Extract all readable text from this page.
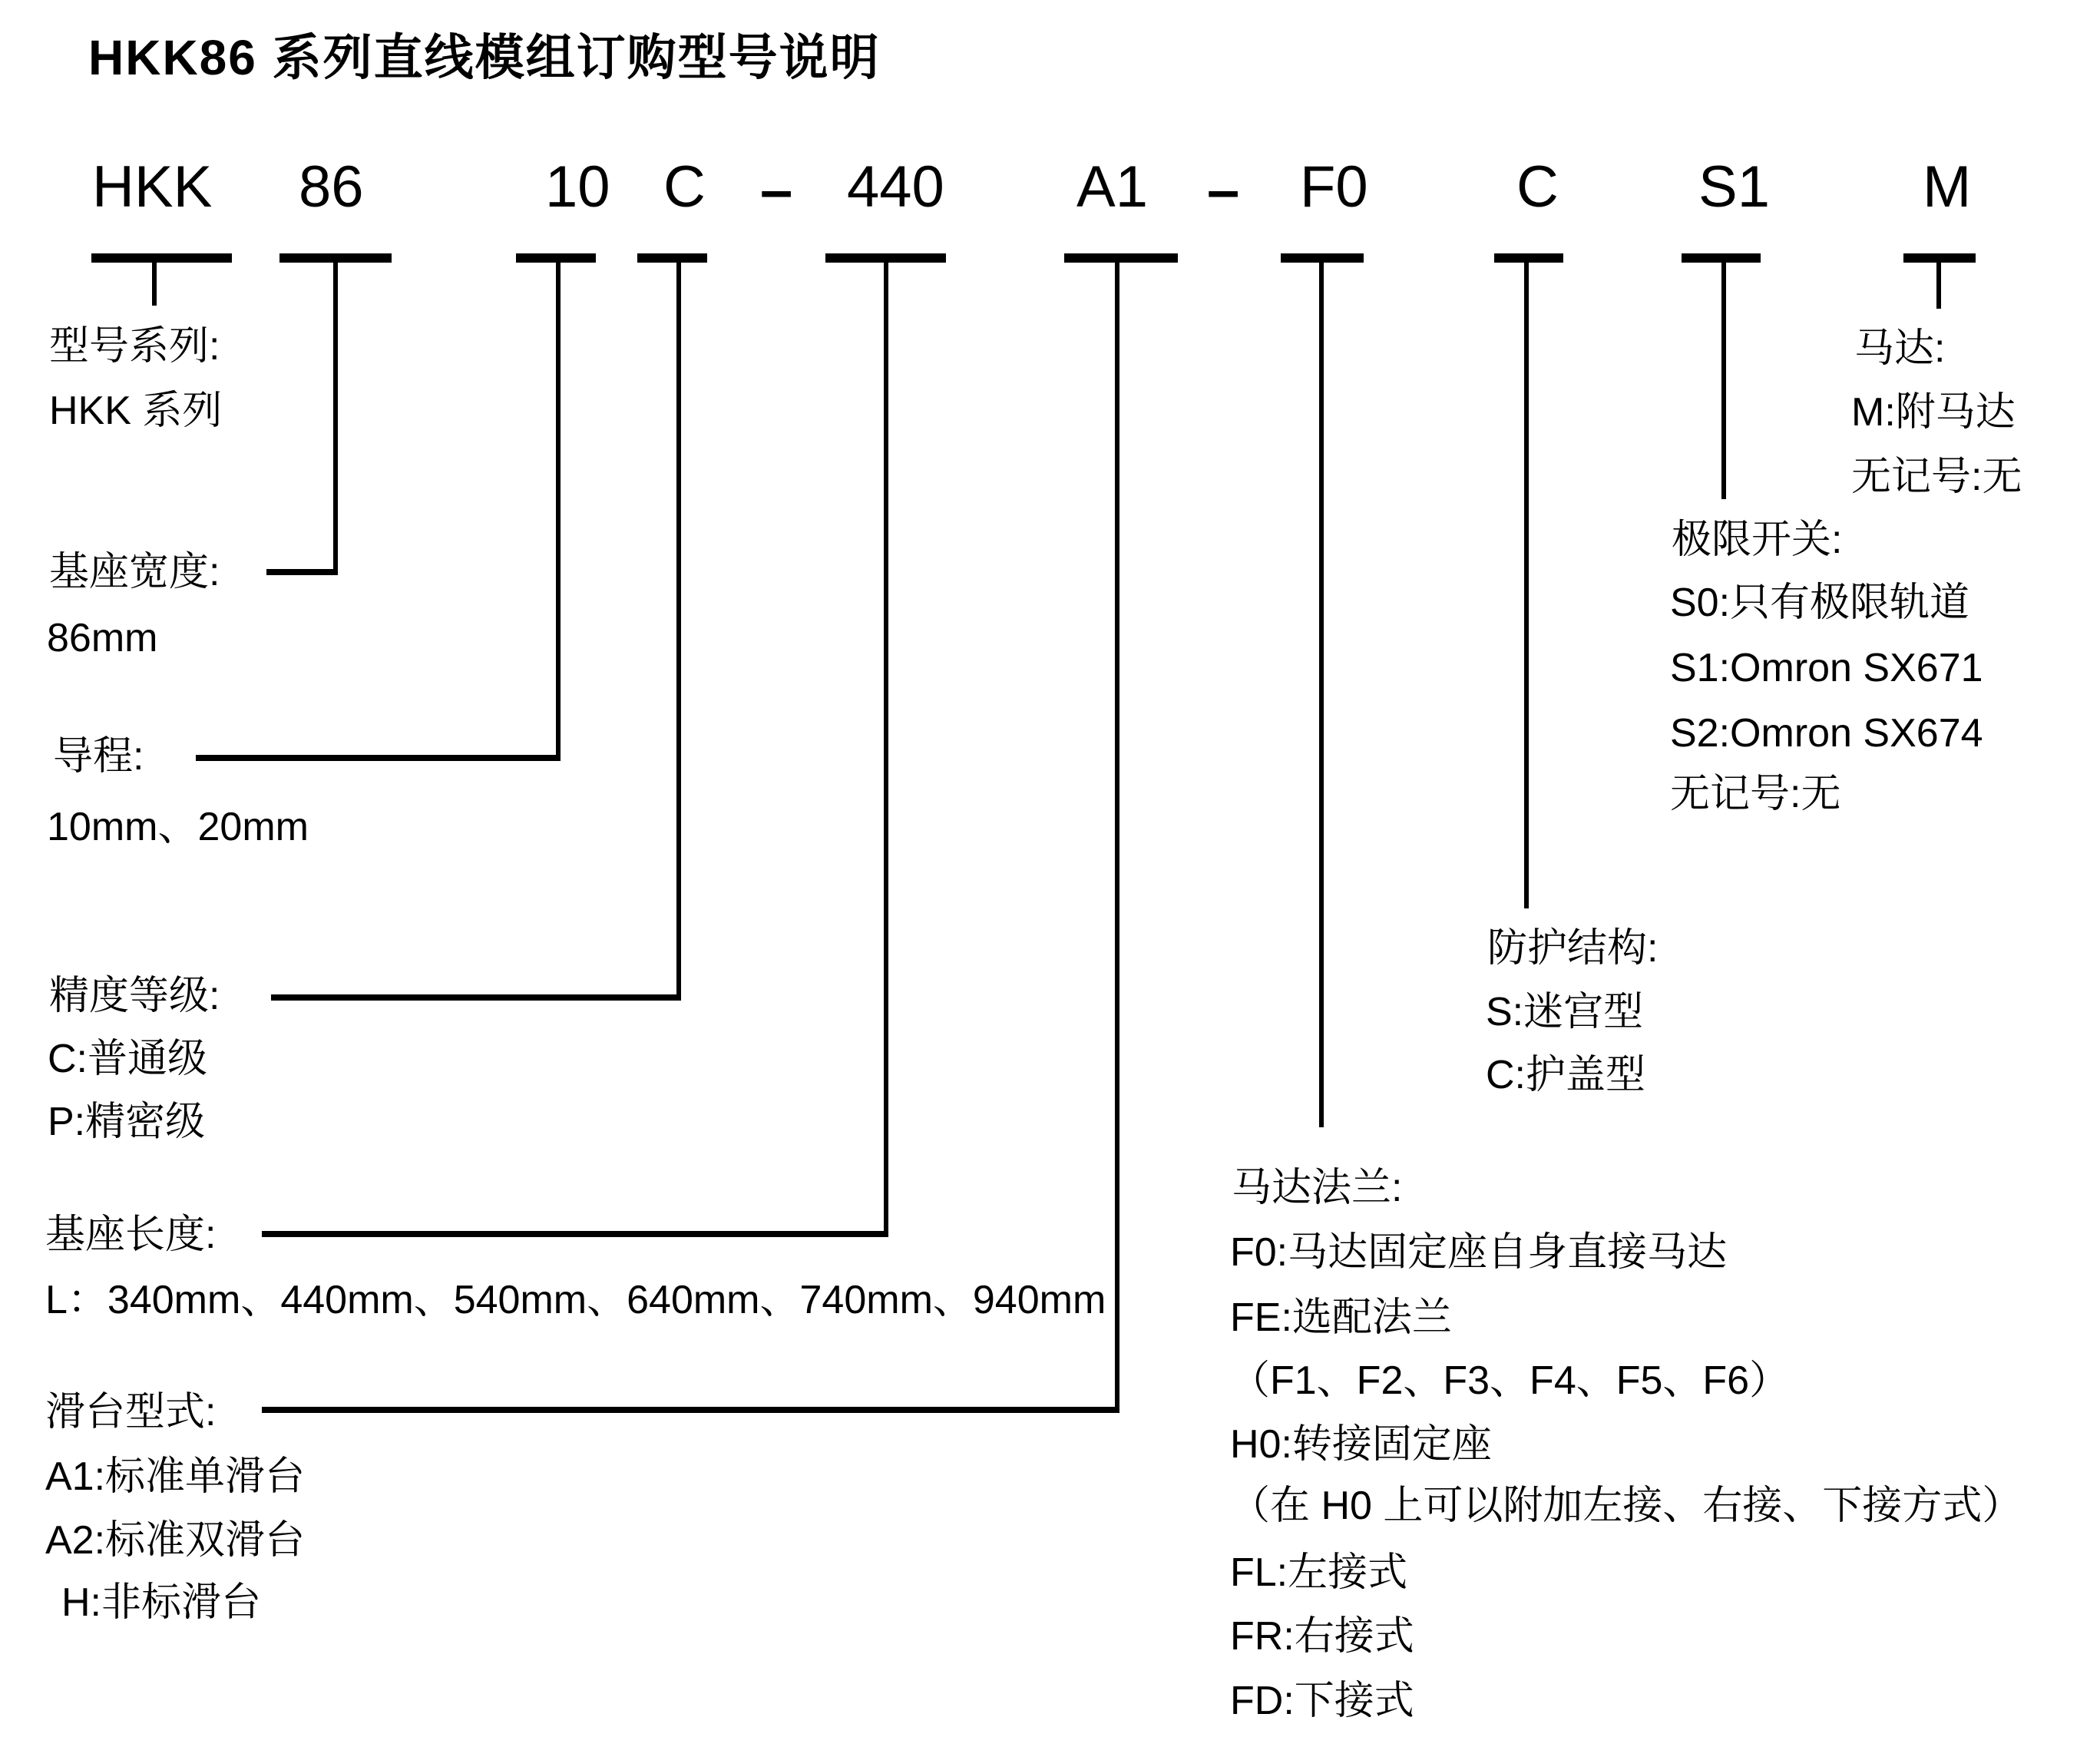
HKK86 系列直线模组订购型号说明
HKK 86	10 C – 440 A1 – F0	C S1	M
型号系列:
HKK 系列
基座宽度:
86mm
导程:
10mm、20mm
精度等级:
C:普通级
P:精密级
基座长度:
L：340mm、440mm、540mm、640mm、740mm、940mm
滑台型式:
A1:标准单滑台
A2:标准双滑台
H:非标滑台
马达:
M:附马达
无记号:无
极限开关:
S0:只有极限轨道
S1:Omron SX671
S2:Omron SX674
无记号:无
防护结构:
S:迷宫型
C:护盖型
马达法兰:
F0:马达固定座自身直接马达
FE:选配法兰
（F1、F2、F3、F4、F5、F6）
H0:转接固定座
（在 H0 上可以附加左接、右接、下接方式）
FL:左接式
FR:右接式
FD:下接式
